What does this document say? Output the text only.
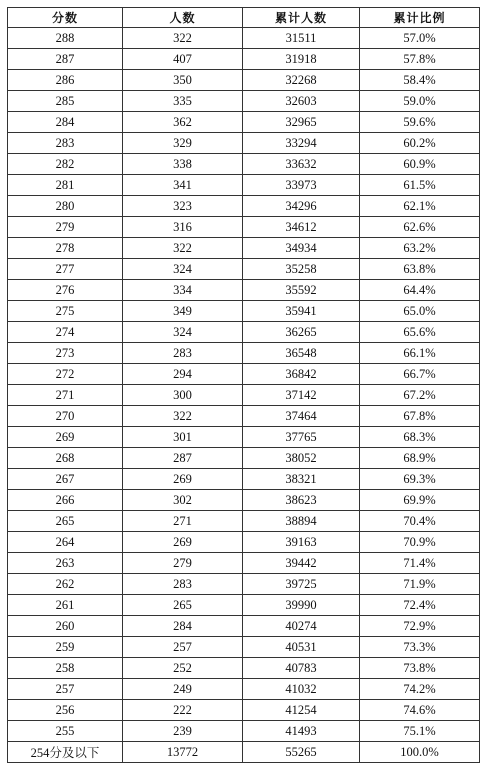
分数	人数	累计人数	累计比例
288	322	31511	57.0%
287	407	31918	57.8%
286	350	32268	58.4%
285	335	32603	59.0%
284	362	32965	59.6%
283	329	33294	60.2%
282	338	33632	60.9%
281	341	33973	61.5%
280	323	34296	62.1%
279	316	34612	62.6%
278	322	34934	63.2%
277	324	35258	63.8%
276	334	35592	64.4%
275	349	35941	65.0%
274	324	36265	65.6%
273	283	36548	66.1%
272	294	36842	66.7%
271	300	37142	67.2%
270	322	37464	67.8%
269	301	37765	68.3%
268	287	38052	68.9%
267	269	38321	69.3%
266	302	38623	69.9%
265	271	38894	70.4%
264	269	39163	70.9%
263	279	39442	71.4%
262	283	39725	71.9%
261	265	39990	72.4%
260	284	40274	72.9%
259	257	40531	73.3%
258	252	40783	73.8%
257	249	41032	74.2%
256	222	41254	74.6%
255	239	41493	75.1%
254分及以下	13772	55265	100.0%
